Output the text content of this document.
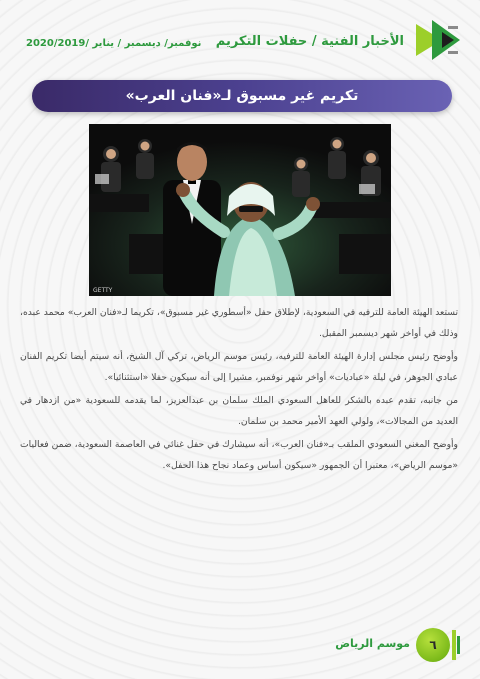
الأخبار الفنية / حفلات التكريم
نوفمبر/ ديسمبر / يناير /2020/2019
تكريم غير مسبوق لـ«فنان العرب»
GETTY

تستعد الهيئة العامة للترفيه في السعودية، لإطلاق حفل «أسطوري غير مسبوق»، تكريما لـ«فنان العرب» محمد عبده، وذلك في أواخر شهر ديسمبر المقبل.

وأوضح رئيس مجلس إدارة الهيئة العامة للترفيه، رئيس موسم الرياض، تركي آل الشيخ، أنه سيتم أيضا تكريم الفنان عبادي الجوهر، في ليلة «عباديات» أواخر شهر نوفمبر، مشيرا إلى أنه سيكون حفلا «استثنائيا».

من جانبه، تقدم عبده بالشكر للعاهل السعودي الملك سلمان بن عبدالعزيز، لما يقدمه للسعودية «من ازدهار في العديد من المجالات»، ولولي العهد الأمير محمد بن سلمان.

وأوضح المغني السعودي الملقب بـ«فنان العرب»، أنه سيشارك في حفل غنائي في العاصمة السعودية، ضمن فعاليات «موسم الرياض»، معتبرا أن الجمهور «سيكون أساس وعماد نجاح هذا الحفل».

موسم الرياض ٦
